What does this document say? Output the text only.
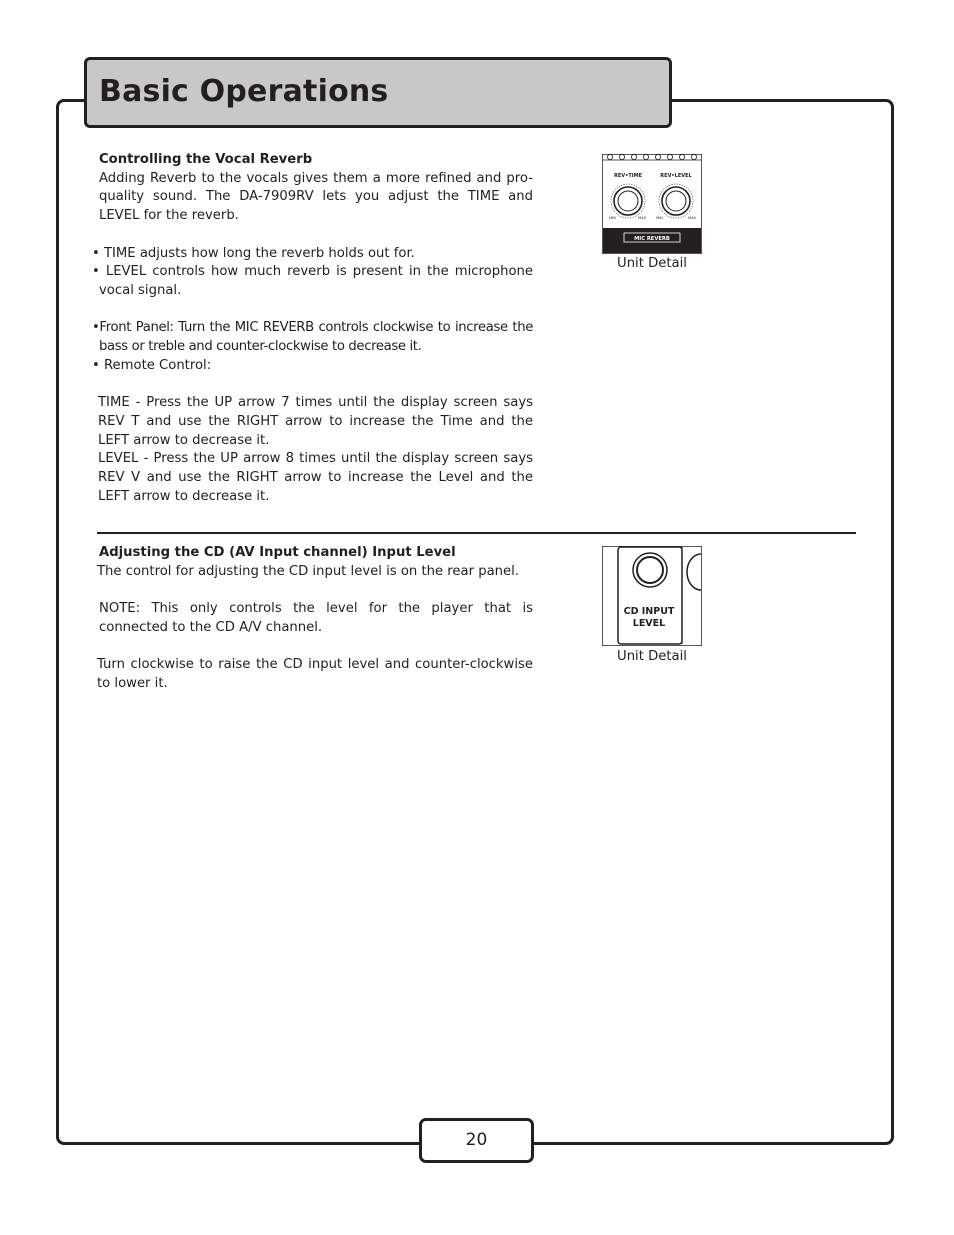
Basic Operations

Controlling the Vocal Reverb

Adding Reverb to the vocals gives them a more refined and pro-quality sound. The DA-7909RV lets you adjust the TIME and LEVEL for the reverb.

• TIME adjusts how long the reverb holds out for.

• LEVEL controls how much reverb is present in the microphone vocal signal.

•Front Panel: Turn the MIC REVERB controls clockwise to increase the bass or treble and counter-clockwise to decrease it.

• Remote Control:

TIME - Press the UP arrow 7 times until the display screen says REV T and use the RIGHT arrow to increase the Time and the LEFT arrow to decrease it.

LEVEL - Press the UP arrow 8 times until the display screen says REV V and use the RIGHT arrow to increase the Level and the LEFT arrow to decrease it.

REV•TIME	REV•LEVEL
MIN	MAX	MIN	MAX
MIC REVERB
Unit Detail

Adjusting the CD (AV Input channel) Input Level

The control for adjusting the CD input level is on the rear panel.

NOTE: This only controls the level for the player that is connected to the CD A/V channel.

Turn clockwise to raise the CD input level and counter-clockwise to lower it.

CD INPUT
LEVEL
Unit Detail
20
